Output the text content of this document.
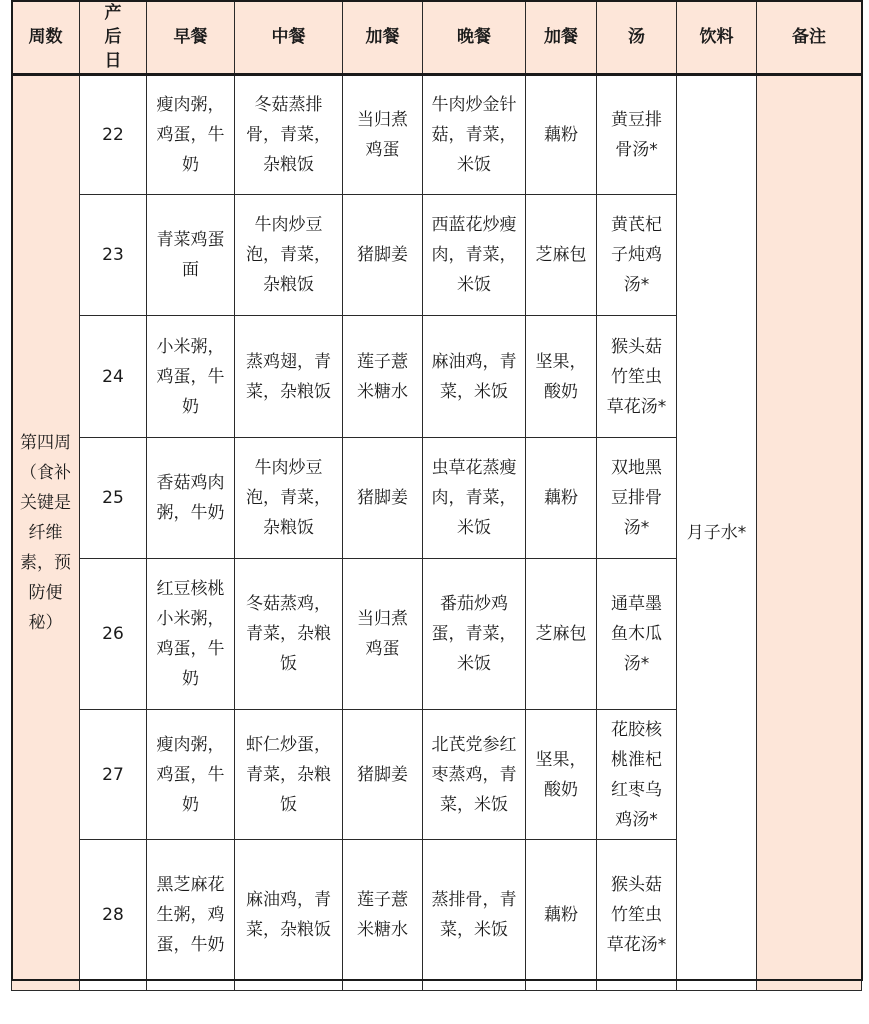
周数	产后日	早餐	中餐	加餐	晚餐	加餐	汤	饮料	备注
第四周（食补关键是纤维素，预防便秘）	22	瘦肉粥，鸡蛋，牛奶	冬菇蒸排骨，青菜，杂粮饭	当归煮鸡蛋	牛肉炒金针菇，青菜，米饭	藕粉	黄豆排骨汤*	月子水*	
	23	青菜鸡蛋面	牛肉炒豆泡，青菜，杂粮饭	猪脚姜	西蓝花炒瘦肉，青菜，米饭	芝麻包	黄芪杞子炖鸡汤*		
	24	小米粥，鸡蛋，牛奶	蒸鸡翅，青菜，杂粮饭	莲子薏米糖水	麻油鸡，青菜，米饭	坚果，酸奶	猴头菇竹笙虫草花汤*		
	25	香菇鸡肉粥，牛奶	牛肉炒豆泡，青菜，杂粮饭	猪脚姜	虫草花蒸瘦肉，青菜，米饭	藕粉	双地黑豆排骨汤*		
	26	红豆核桃小米粥，鸡蛋，牛奶	冬菇蒸鸡，青菜，杂粮饭	当归煮鸡蛋	番茄炒鸡蛋，青菜，米饭	芝麻包	通草墨鱼木瓜汤*		
	27	瘦肉粥，鸡蛋，牛奶	虾仁炒蛋，青菜，杂粮饭	猪脚姜	北芪党参红枣蒸鸡，青菜，米饭	坚果，酸奶	花胶核桃淮杞红枣乌鸡汤*		
	28	黑芝麻花生粥，鸡蛋，牛奶	麻油鸡，青菜，杂粮饭	莲子薏米糖水	蒸排骨，青菜，米饭	藕粉	猴头菇竹笙虫草花汤*		
